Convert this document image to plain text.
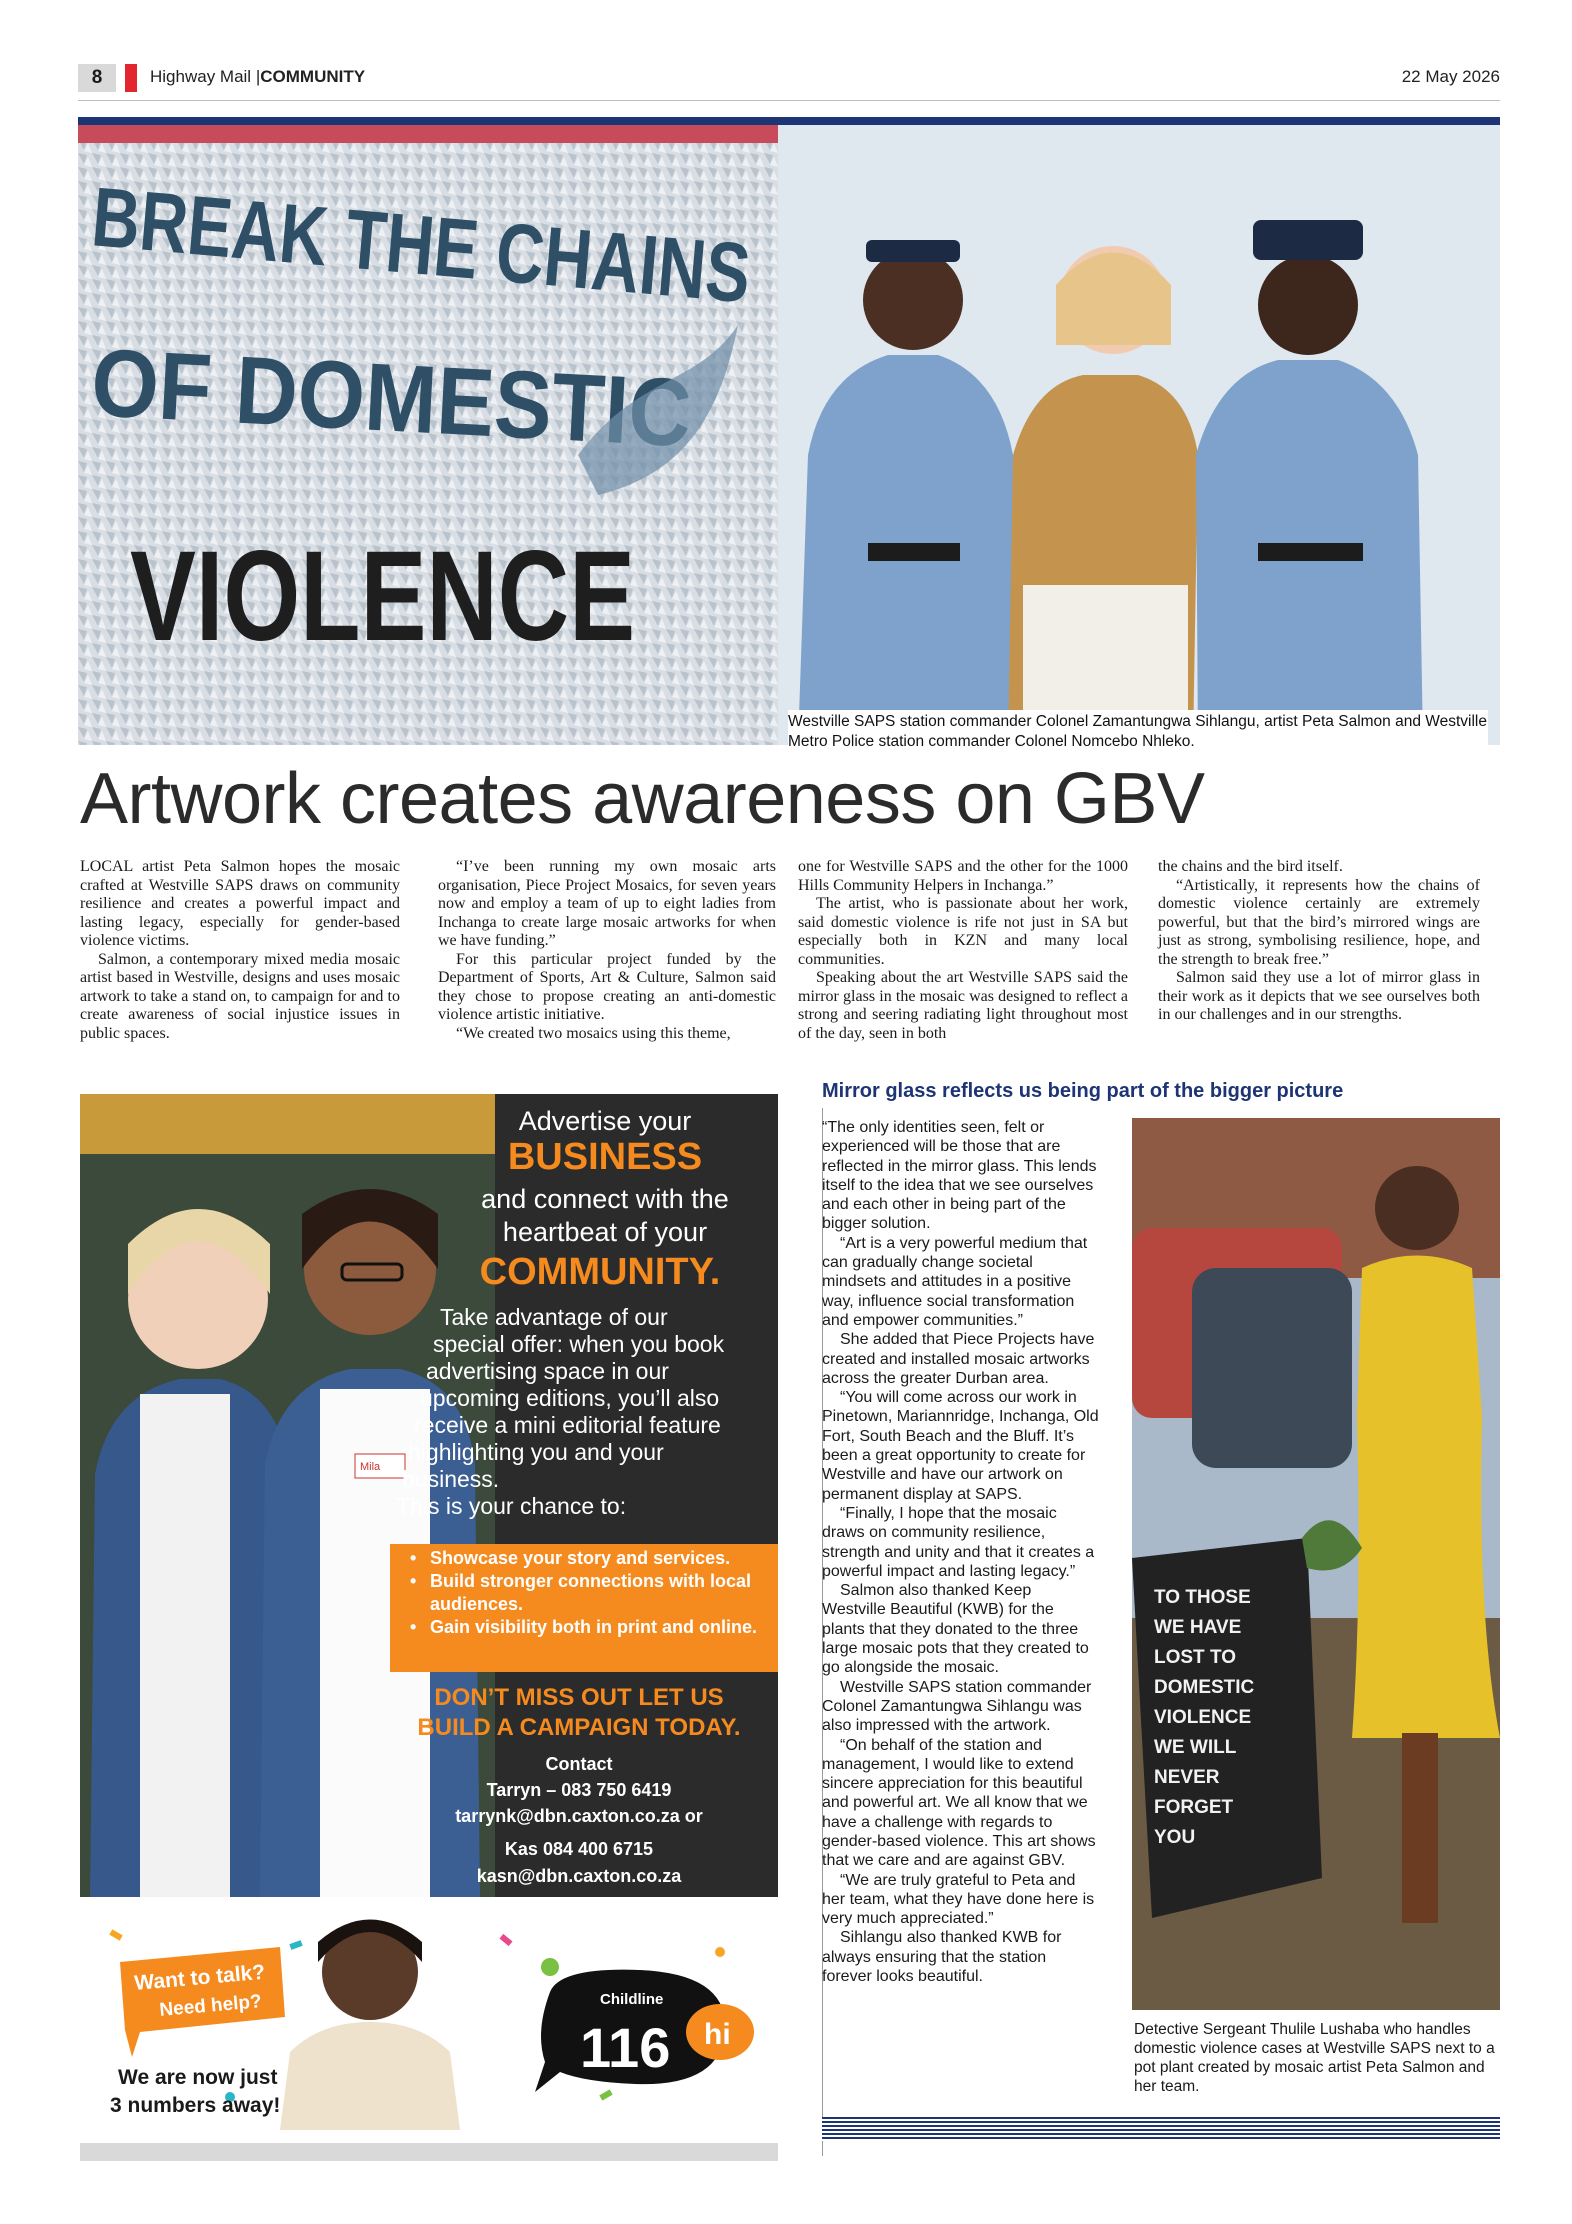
8	Highway Mail |COMMUNITY	22 May 2026
BREAK THE CHAINS
OF DOMESTIC
VIOLENCE
Westville SAPS station commander Colonel Zamantungwa Sihlangu, artist Peta Salmon and Westville Metro Police station commander Colonel Nomcebo Nhleko.
Artwork creates awareness on GBV

LOCAL artist Peta Salmon hopes the mosaic crafted at Westville SAPS draws on community resilience and creates a powerful impact and lasting legacy, especially for gender-based violence victims.

Salmon, a contemporary mixed media mosaic artist based in Westville, designs and uses mosaic artwork to take a stand on, to campaign for and to create awareness of social injustice issues in public spaces.

“I’ve been running my own mosaic arts organisation, Piece Project Mosaics, for seven years now and employ a team of up to eight ladies from Inchanga to create large mosaic artworks for when we have funding.”

For this particular project funded by the Department of Sports, Art & Culture, Salmon said they chose to propose creating an anti-domestic violence artistic initiative.

“We created two mosaics using this theme,

one for Westville SAPS and the other for the 1000 Hills Community Helpers in Inchanga.”

The artist, who is passionate about her work, said domestic violence is rife not just in SA but especially both in KZN and many local communities.

Speaking about the art Westville SAPS said the mirror glass in the mosaic was designed to reflect a strong and seering radiating light throughout most of the day, seen in both

the chains and the bird itself.

“Artistically, it represents how the chains of domestic violence certainly are extremely powerful, but that the bird’s mirrored wings are just as strong, symbolising resilience, hope, and the strength to break free.”

Salmon said they use a lot of mirror glass in their work as it depicts that we see ourselves both in our challenges and in our strengths.

Mila
Advertise your
BUSINESS
and connect with the
heartbeat of your
COMMUNITY.
Take advantage of our
special offer: when you book
advertising space in our
upcoming editions, you’ll also
receive a mini editorial feature
highlighting you and your
business.
This is your chance to:
• Showcase your story and services.
• Build stronger connections with local audiences.
• Gain visibility both in print and online.
DON’T MISS OUT LET US
BUILD A CAMPAIGN TODAY.
Contact
Tarryn – 083 750 6419
tarrynk@dbn.caxton.co.za or
Kas 084 400 6715
kasn@dbn.caxton.co.za
Want to talk?
Need help?
We are now just
3 numbers away!
Childline
116 hi
Mirror glass reflects us being part of the bigger picture

“The only identities seen, felt or experienced will be those that are reflected in the mirror glass. This lends itself to the idea that we see ourselves and each other in being part of the bigger solution.

“Art is a very powerful medium that can gradually change societal mindsets and attitudes in a positive way, influence social transformation and empower communities.”

She added that Piece Projects have created and installed mosaic artworks across the greater Durban area.

“You will come across our work in Pinetown, Mariannridge, Inchanga, Old Fort, South Beach and the Bluff. It’s been a great opportunity to create for Westville and have our artwork on permanent display at SAPS.

“Finally, I hope that the mosaic draws on community resilience, strength and unity and that it creates a powerful impact and lasting legacy.”

Salmon also thanked Keep Westville Beautiful (KWB) for the plants that they donated to the three large mosaic pots that they created to go alongside the mosaic.

Westville SAPS station commander Colonel Zamantungwa Sihlangu was also impressed with the artwork.

“On behalf of the station and management, I would like to extend sincere appreciation for this beautiful and powerful art. We all know that we have a challenge with regards to gender-based violence. This art shows that we care and are against GBV.

“We are truly grateful to Peta and her team, what they have done here is very much appreciated.”

Sihlangu also thanked KWB for always ensuring that the station forever looks beautiful.

TO THOSE
WE HAVE
LOST TO
DOMESTIC
VIOLENCE
WE WILL
NEVER
FORGET
YOU
Detective Sergeant Thulile Lushaba who handles domestic violence cases at Westville SAPS next to a pot plant created by mosaic artist Peta Salmon and her team.
